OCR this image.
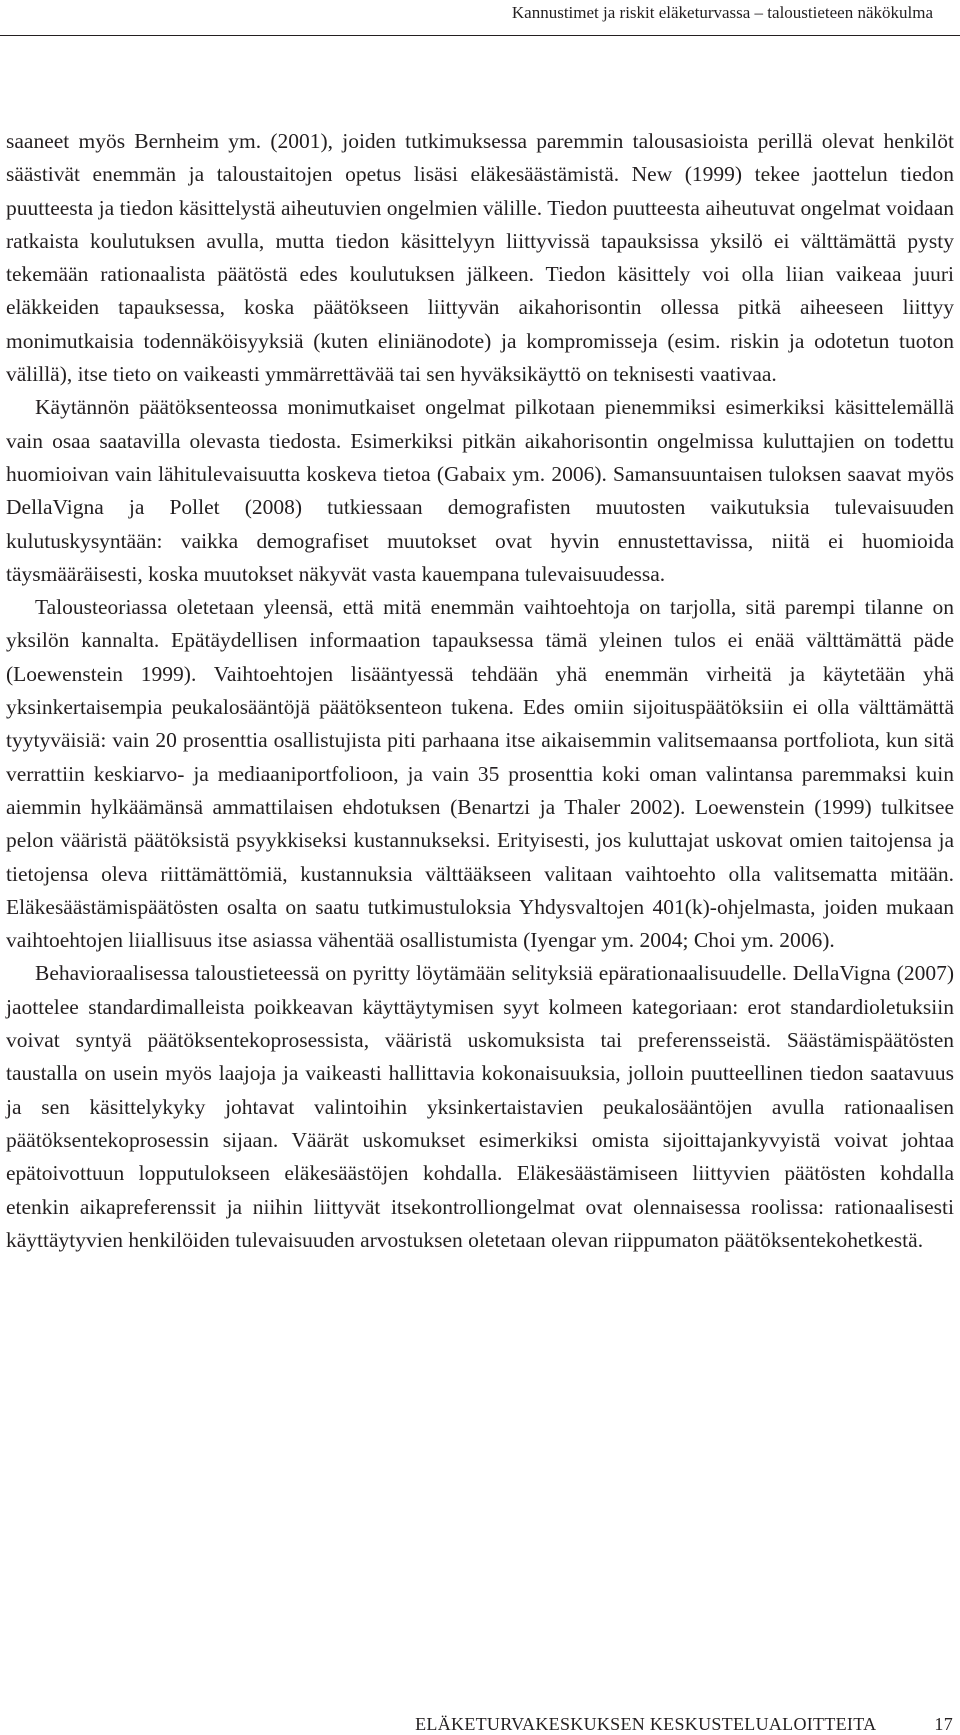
Kannustimet ja riskit eläketurvassa – taloustieteen näkökulma

saaneet myös Bernheim ym. (2001), joiden tutkimuksessa paremmin talousasioista perillä olevat henkilöt säästivät enemmän ja taloustaitojen opetus lisäsi eläkesäästämistä. New (1999) tekee jaottelun tiedon puutteesta ja tiedon käsittelystä aiheutuvien ongelmien välille. Tiedon puutteesta aiheutuvat ongelmat voidaan ratkaista koulutuksen avulla, mutta tiedon käsittelyyn liittyvissä tapauksissa yksilö ei välttämättä pysty tekemään rationaalista päätöstä edes koulutuksen jälkeen. Tiedon käsittely voi olla liian vaikeaa juuri eläkkeiden tapauksessa, koska päätökseen liittyvän aikahorisontin ollessa pitkä aiheeseen liittyy monimutkaisia todennäköisyyksiä (kuten eliniänodote) ja kompromisseja (esim. riskin ja odotetun tuoton välillä), itse tieto on vaikeasti ymmärrettävää tai sen hyväksikäyttö on teknisesti vaativaa.

Käytännön päätöksenteossa monimutkaiset ongelmat pilkotaan pienemmiksi esimerkiksi käsittelemällä vain osaa saatavilla olevasta tiedosta. Esimerkiksi pitkän aikahorisontin ongelmissa kuluttajien on todettu huomioivan vain lähitulevaisuutta koskeva tietoa (Gabaix ym. 2006). Samansuuntaisen tuloksen saavat myös DellaVigna ja Pollet (2008) tutkiessaan demografisten muutosten vaikutuksia tulevaisuuden kulutuskysyntään: vaikka demografiset muutokset ovat hyvin ennustettavissa, niitä ei huomioida täysmääräisesti, koska muutokset näkyvät vasta kauempana tulevaisuudessa.

Talousteoriassa oletetaan yleensä, että mitä enemmän vaihtoehtoja on tarjolla, sitä parempi tilanne on yksilön kannalta. Epätäydellisen informaation tapauksessa tämä yleinen tulos ei enää välttämättä päde (Loewenstein 1999). Vaihtoehtojen lisääntyessä tehdään yhä enemmän virheitä ja käytetään yhä yksinkertaisempia peukalosääntöjä päätöksenteon tukena. Edes omiin sijoituspäätöksiin ei olla välttämättä tyytyväisiä: vain 20 prosenttia osallistujista piti parhaana itse aikaisemmin valitsemaansa portfoliota, kun sitä verrattiin keskiarvo- ja mediaaniportfolioon, ja vain 35 prosenttia koki oman valintansa paremmaksi kuin aiemmin hylkäämänsä ammattilaisen ehdotuksen (Benartzi ja Thaler 2002). Loewenstein (1999) tulkitsee pelon vääristä päätöksistä psyykkiseksi kustannukseksi. Erityisesti, jos kuluttajat uskovat omien taitojensa ja tietojensa oleva riittämättömiä, kustannuksia välttääkseen valitaan vaihtoehto olla valitsematta mitään. Eläkesäästämispäätösten osalta on saatu tutkimustuloksia Yhdysvaltojen 401(k)-ohjelmasta, joiden mukaan vaihtoehtojen liiallisuus itse asiassa vähentää osallistumista (Iyengar ym. 2004; Choi ym. 2006).

Behavioraalisessa taloustieteessä on pyritty löytämään selityksiä epärationaalisuudelle. DellaVigna (2007) jaottelee standardimalleista poikkeavan käyttäytymisen syyt kolmeen kategoriaan: erot standardioletuksiin voivat syntyä päätöksentekoprosessista, vääristä uskomuksista tai preferensseistä. Säästämispäätösten taustalla on usein myös laajoja ja vaikeasti hallittavia kokonaisuuksia, jolloin puutteellinen tiedon saatavuus ja sen käsittelykyky johtavat valintoihin yksinkertaistavien peukalosääntöjen avulla rationaalisen päätöksentekoprosessin sijaan. Väärät uskomukset esimerkiksi omista sijoittajankyvyistä voivat johtaa epätoivottuun lopputulokseen eläkesäästöjen kohdalla. Eläkesäästämiseen liittyvien päätösten kohdalla etenkin aikapreferenssit ja niihin liittyvät itsekontrolliongelmat ovat olennaisessa roolissa: rationaalisesti käyttäytyvien henkilöiden tulevaisuuden arvostuksen oletetaan olevan riippumaton päätöksentekohetkestä.

ELÄKETURVAKESKUKSEN KESKUSTELUALOITTEITA	17
